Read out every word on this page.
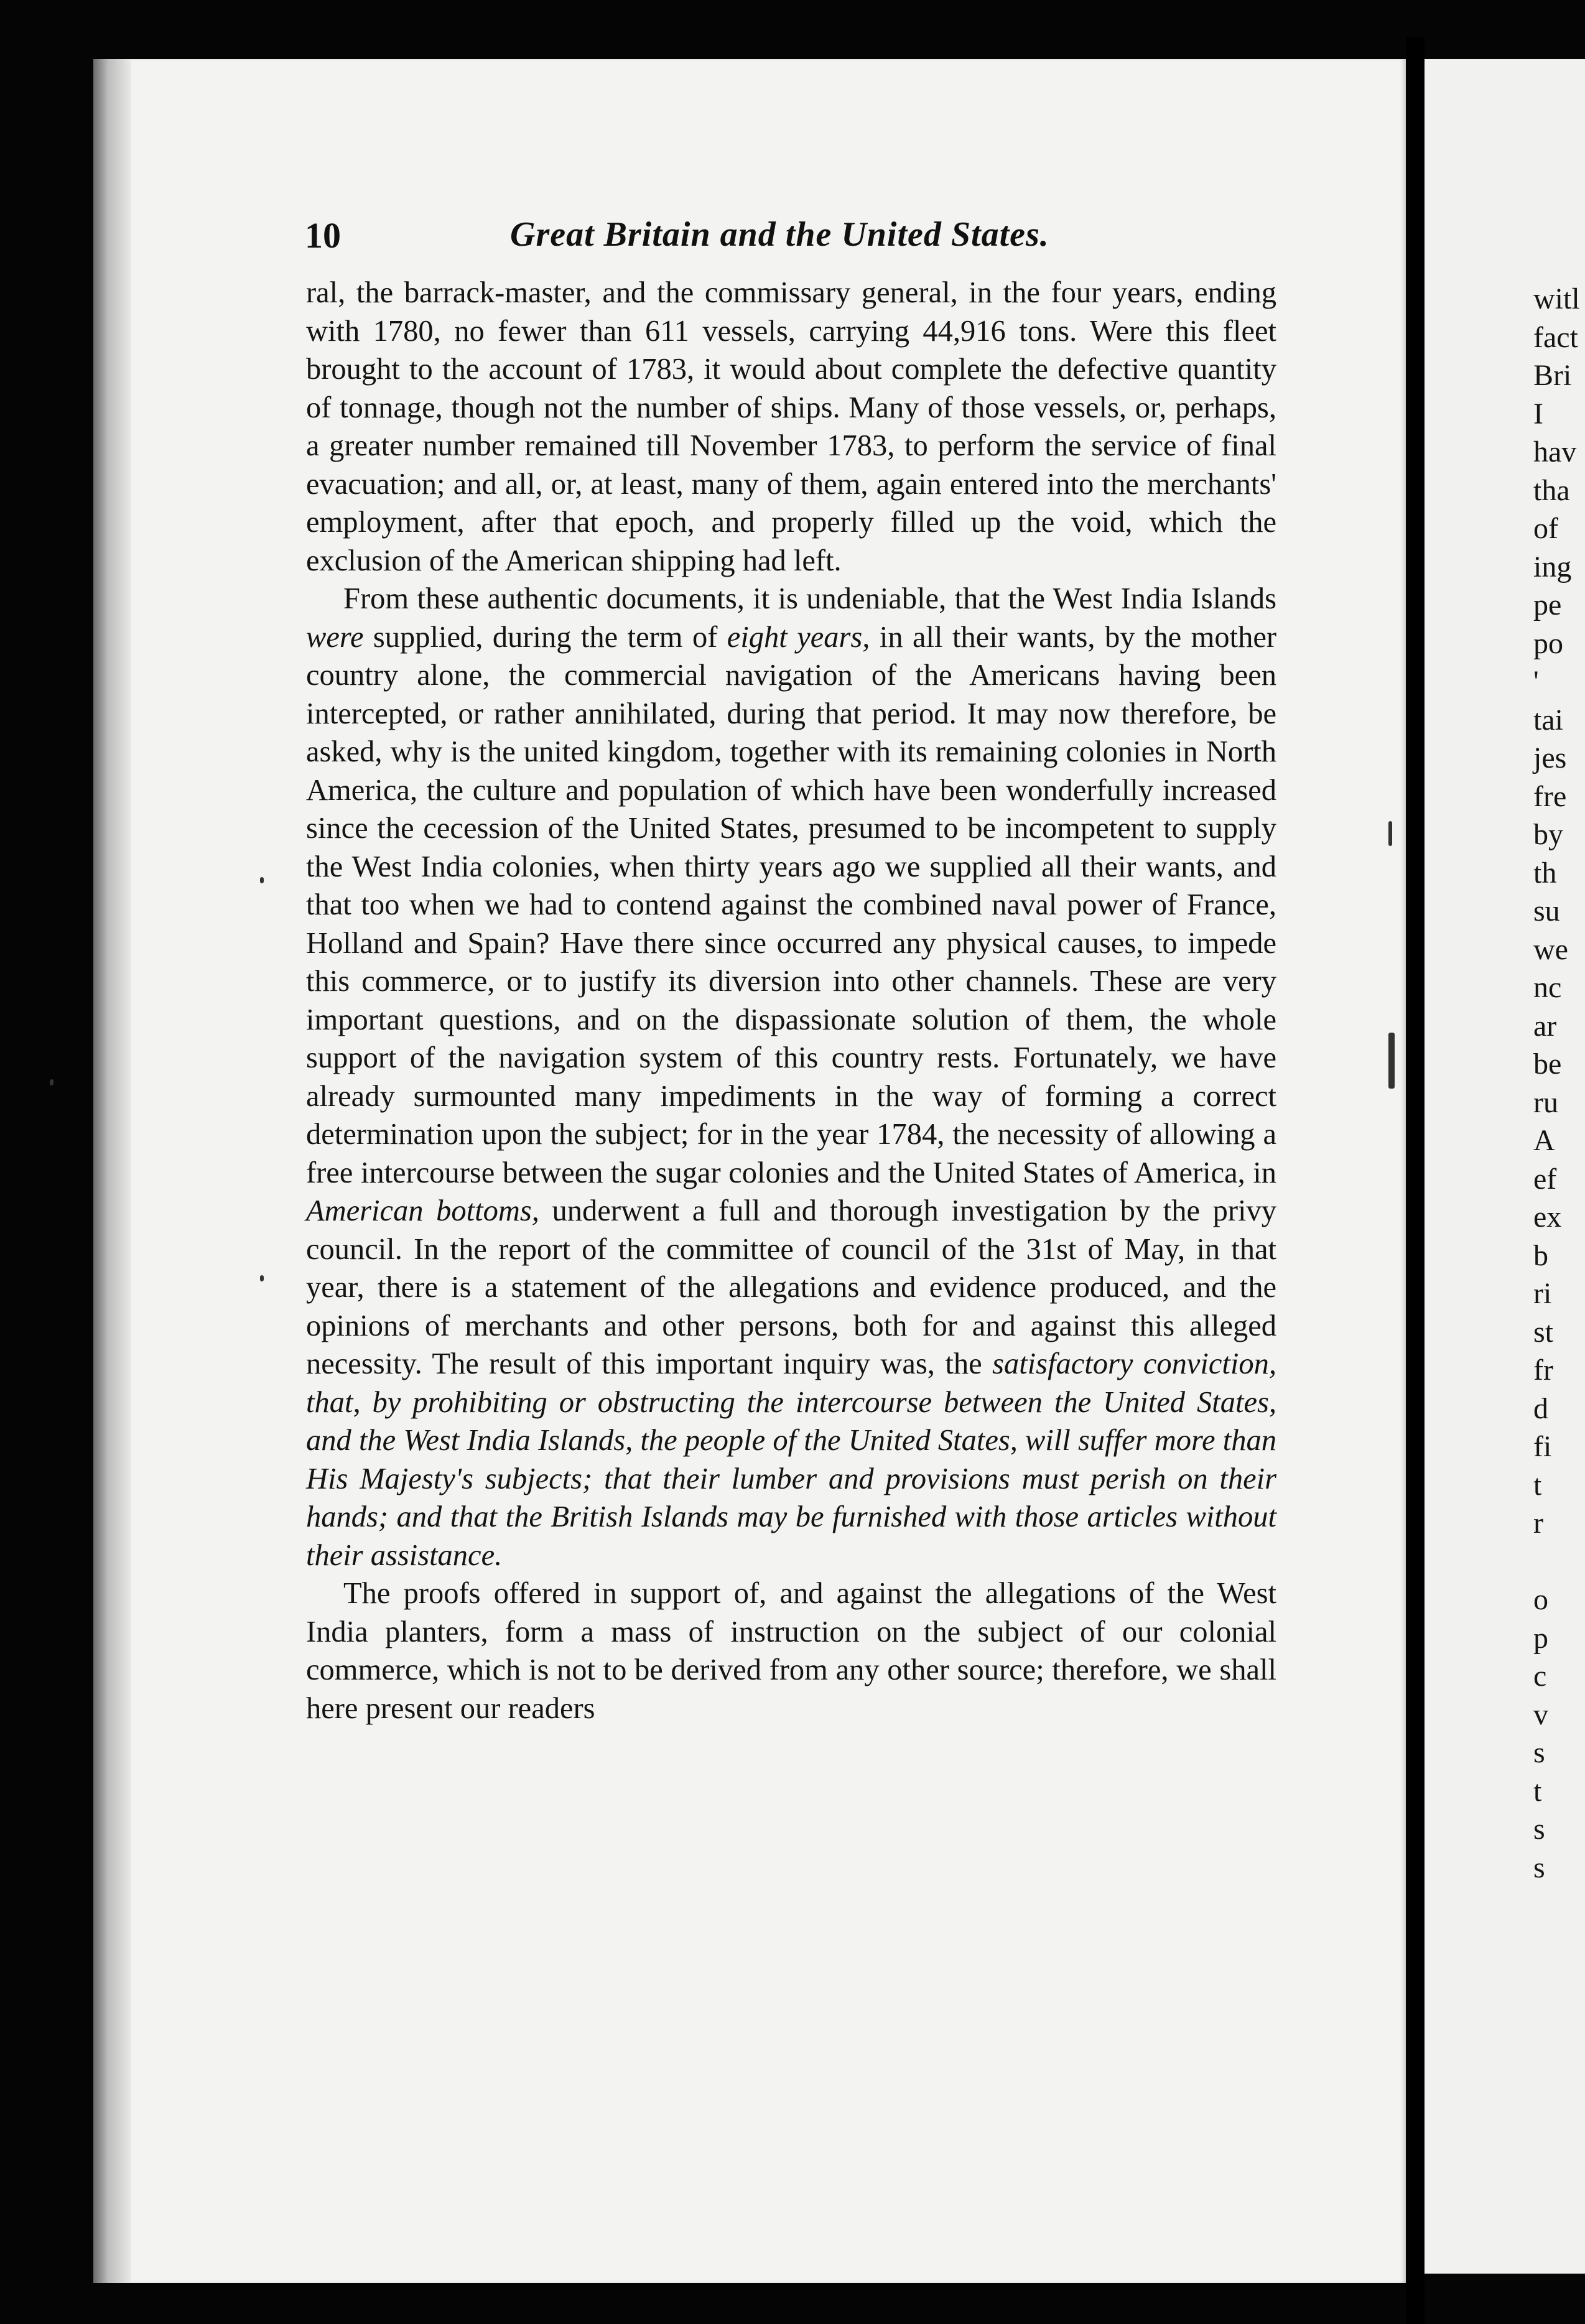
10	Great Britain and the United States.

ral, the barrack-master, and the commissary general, in the four years, ending with 1780, no fewer than 611 vessels, carrying 44,916 tons. Were this fleet brought to the account of 1783, it would about complete the defective quantity of tonnage, though not the number of ships. Many of those vessels, or, perhaps, a greater number remained till November 1783, to perform the service of final evacuation; and all, or, at least, many of them, again entered into the merchants' employment, after that epoch, and properly filled up the void, which the exclusion of the American shipping had left.

From these authentic documents, it is undeniable, that the West India Islands were supplied, during the term of eight years, in all their wants, by the mother country alone, the commercial navigation of the Americans having been intercepted, or rather annihilated, during that period. It may now therefore, be asked, why is the united kingdom, together with its remaining colonies in North America, the culture and population of which have been wonderfully increased since the cecession of the United States, presumed to be incompetent to supply the West India colonies, when thirty years ago we supplied all their wants, and that too when we had to contend against the combined naval power of France, Holland and Spain? Have there since occurred any physical causes, to impede this commerce, or to justify its diversion into other channels. These are very important questions, and on the dispassionate solution of them, the whole support of the navigation system of this country rests. Fortunately, we have already surmounted many impediments in the way of forming a correct determination upon the subject; for in the year 1784, the necessity of allowing a free intercourse between the sugar colonies and the United States of America, in American bottoms, underwent a full and thorough investigation by the privy council. In the report of the committee of council of the 31st of May, in that year, there is a statement of the allegations and evidence produced, and the opinions of merchants and other persons, both for and against this alleged necessity. The result of this important inquiry was, the satisfactory conviction, that, by prohibiting or obstructing the intercourse between the United States, and the West India Islands, the people of the United States, will suffer more than His Majesty's subjects; that their lumber and provisions must perish on their hands; and that the British Islands may be furnished with those articles without their assistance.

The proofs offered in support of, and against the allegations of the West India planters, form a mass of instruction on the subject of our colonial commerce, which is not to be derived from any other source; therefore, we shall here present our readers

witl
fact
Bri
I
hav
tha
of
ing
pe
po
'
tai
jes
fre
by
th
su
we
nc
ar
be
ru
A
ef
ex
b
ri
st
fr
d
fi
t
r
o
p
c
v
s
t
s
s
